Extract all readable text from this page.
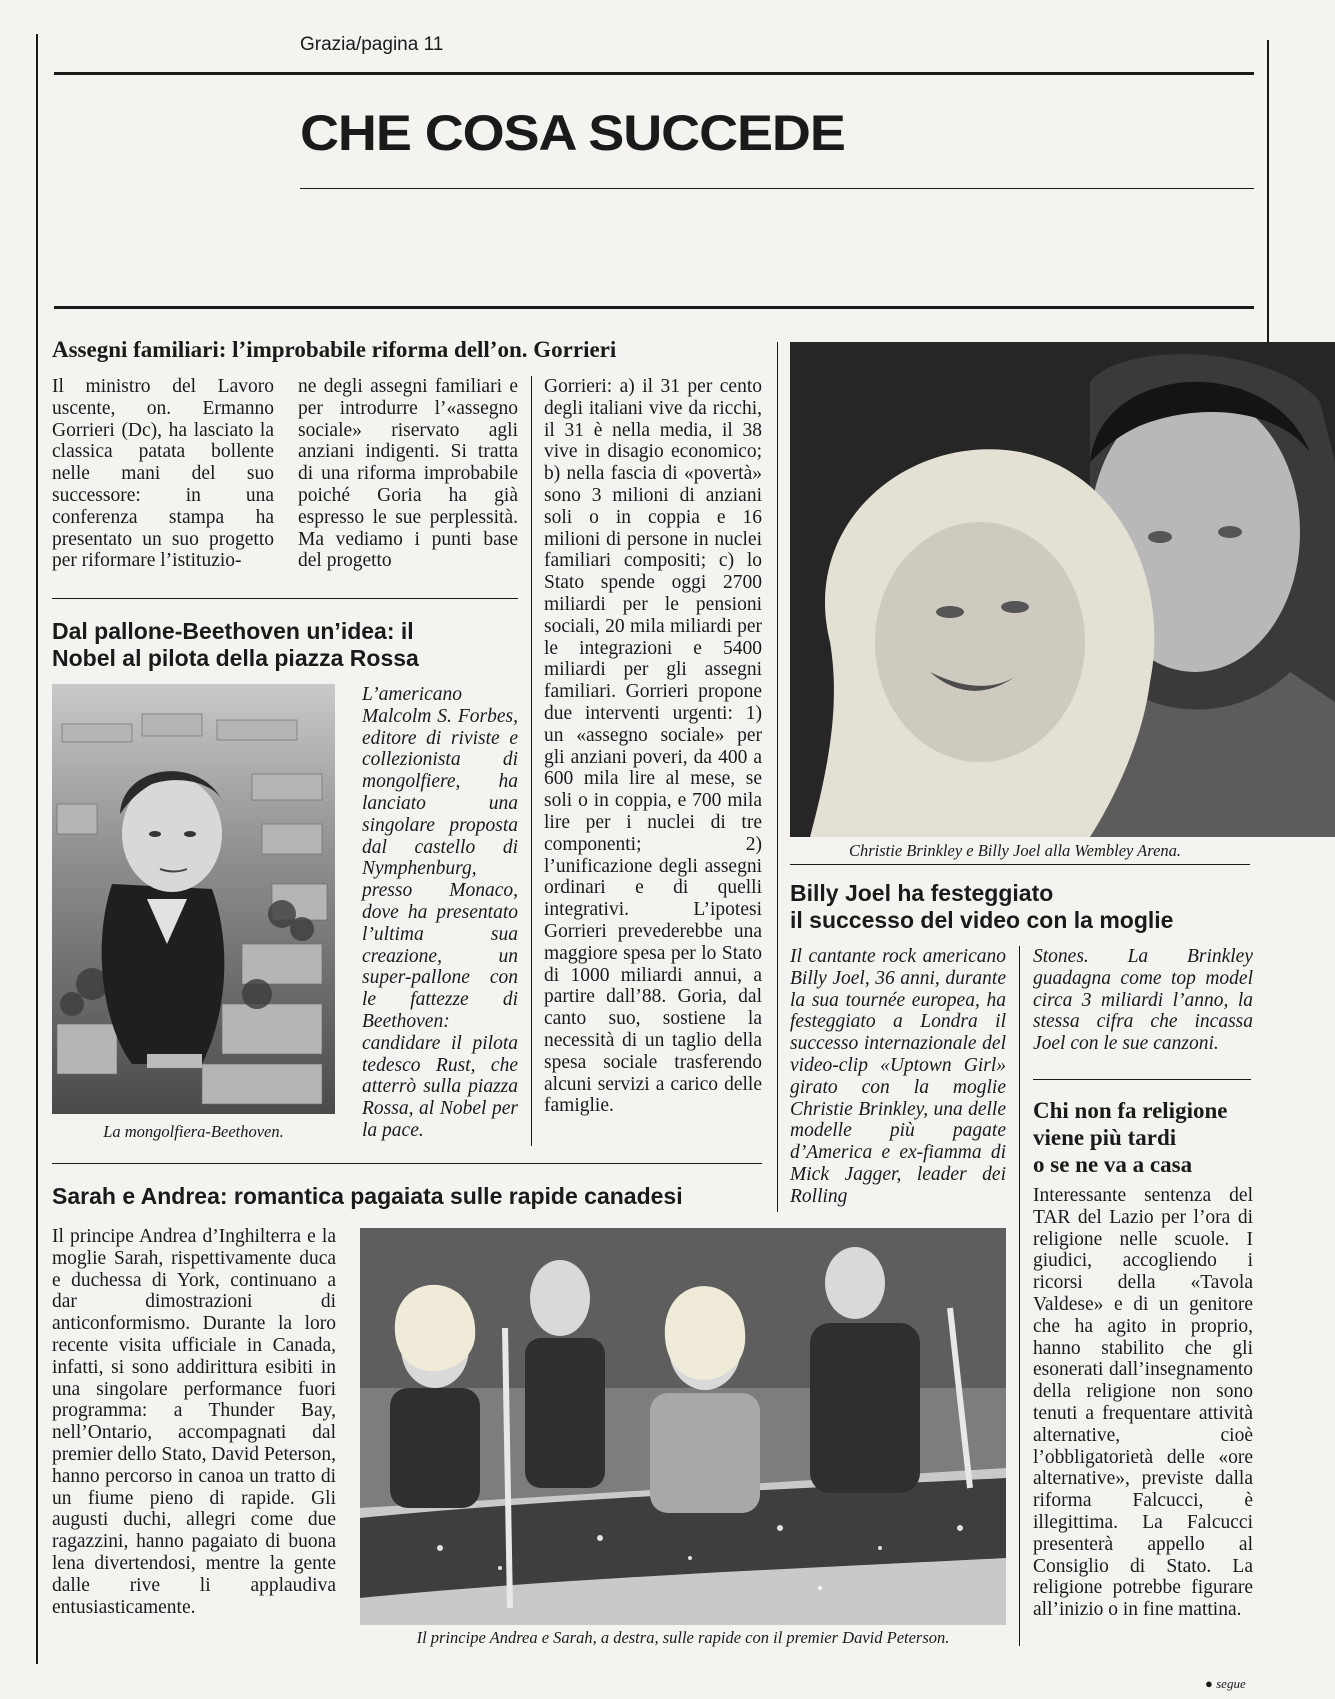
Grazia/pagina 11
CHE COSA SUCCEDE
Assegni familiari: l’improbabile riforma dell’on. Gorrieri
Il ministro del Lavoro uscente, on. Ermanno Gorrieri (Dc), ha lasciato la classica patata bollente nelle mani del suo successore: in una conferenza stampa ha presentato un suo progetto per riformare l’istituzio-
ne degli assegni familiari e per introdurre l’«assegno sociale» riservato agli anziani indigenti. Si tratta di una riforma improbabile poiché Goria ha già espresso le sue perplessità. Ma vediamo i punti base del progetto
Gorrieri: a) il 31 per cento degli italiani vive da ricchi, il 31 è nella media, il 38 vive in disagio economico; b) nella fascia di «povertà» sono 3 milioni di anziani soli o in coppia e 16 milioni di persone in nuclei familiari compositi; c) lo Stato spende oggi 2700 miliardi per le pensioni sociali, 20 mila miliardi per le integrazioni e 5400 miliardi per gli assegni familiari. Gorrieri propone due interventi urgenti: 1) un «assegno sociale» per gli anziani poveri, da 400 a 600 mila lire al mese, se soli o in coppia, e 700 mila lire per i nuclei di tre componenti; 2) l’unificazione degli assegni ordinari e di quelli integrativi. L’ipotesi Gorrieri prevederebbe una maggiore spesa per lo Stato di 1000 miliardi annui, a partire dall’88. Goria, dal canto suo, sostiene la necessità di un taglio della spesa sociale trasferendo alcuni servizi a carico delle famiglie.
Dal pallone-Beethoven un’idea: il
Nobel al pilota della piazza Rossa
La mongolfiera-Beethoven.
L’americano Malcolm S. Forbes, editore di riviste e collezionista di mongolfiere, ha lanciato una singolare proposta dal castello di Nymphenburg, presso Monaco, dove ha presentato l’ultima sua creazione, un super-pallone con le fattezze di Beethoven: candidare il pilota tedesco Rust, che atterrò sulla piazza Rossa, al Nobel per la pace.
Christie Brinkley e Billy Joel alla Wembley Arena.
Billy Joel ha festeggiato
il successo del video con la moglie
Il cantante rock americano Billy Joel, 36 anni, durante la sua tournée europea, ha festeggiato a Londra il successo internazionale del video-clip «Uptown Girl» girato con la moglie Christie Brinkley, una delle modelle più pagate d’America e ex-fiamma di Mick Jagger, leader dei Rolling
Stones. La Brinkley guadagna come top model circa 3 miliardi l’anno, la stessa cifra che incassa Joel con le sue canzoni.
Chi non fa religione
viene più tardi
o se ne va a casa
Interessante sentenza del TAR del Lazio per l’ora di religione nelle scuole. I giudici, accogliendo i ricorsi della «Tavola Valdese» e di un genitore che ha agito in proprio, hanno stabilito che gli esonerati dall’insegnamento della religione non sono tenuti a frequentare attività alternative, cioè l’obbligatorietà delle «ore alternative», previste dalla riforma Falcucci, è illegittima. La Falcucci presenterà appello al Consiglio di Stato. La religione potrebbe figurare all’inizio o in fine mattina.
● segue
Sarah e Andrea: romantica pagaiata sulle rapide canadesi
Il principe Andrea d’Inghilterra e la moglie Sarah, rispettivamente duca e duchessa di York, continuano a dar dimostrazioni di anticonformismo. Durante la loro recente visita ufficiale in Canada, infatti, si sono addirittura esibiti in una singolare performance fuori programma: a Thunder Bay, nell’Ontario, accompagnati dal premier dello Stato, David Peterson, hanno percorso in canoa un tratto di un fiume pieno di rapide. Gli augusti duchi, allegri come due ragazzini, hanno pagaiato di buona lena divertendosi, mentre la gente dalle rive li applaudiva entusiasticamente.
Il principe Andrea e Sarah, a destra, sulle rapide con il premier David Peterson.
